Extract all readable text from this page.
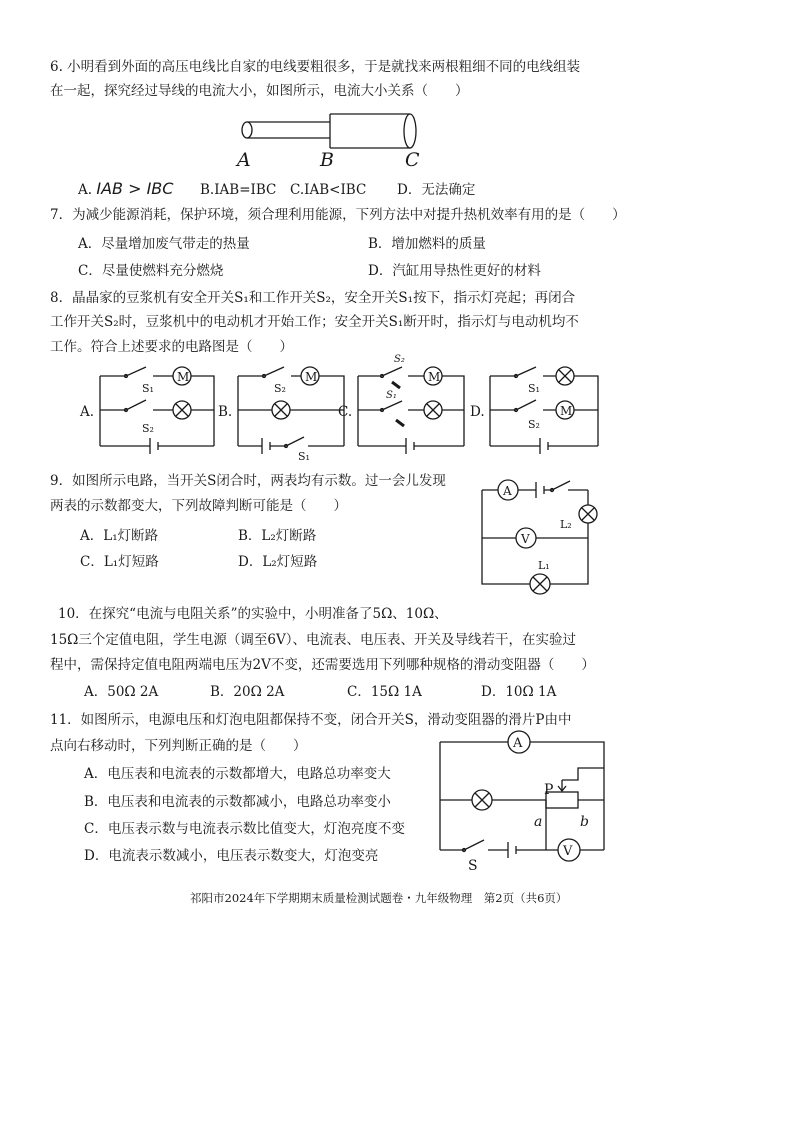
6. 小明看到外面的高压电线比自家的电线要粗很多，于是就找来两根粗细不同的电线组装
在一起，探究经过导线的电流大小，如图所示，电流大小关系（　　）
A	B	C
A. IAB > IBC B.IAB=IBC C.IAB<IBC D．无法确定
7．为减少能源消耗，保护环境，须合理利用能源，下列方法中对提升热机效率有用的是（　　）
A．尽量增加废气带走的热量	B．增加燃料的质量
C．尽量使燃料充分燃烧	D．汽缸用导热性更好的材料
8．晶晶家的豆浆机有安全开关S₁和工作开关S₂，安全开关S₁按下，指示灯亮起；再闭合
工作开关S₂时，豆浆机中的电动机才开始工作；安全开关S₁断开时，指示灯与电动机均不
工作。符合上述要求的电路图是（　　）
A.
M
S₁
S₂
B.
M
S₂
S₁
C.
M
S₂
S₁
D.
S₁
M
S₂
9．如图所示电路，当开关S闭合时，两表均有示数。过一会儿发现
两表的示数都变大，下列故障判断可能是（　　）
A．L₁灯断路	B．L₂灯断路
C．L₁灯短路	D．L₂灯短路
A
L₂
V
L₁
10．在探究“电流与电阻关系”的实验中，小明准备了5Ω、10Ω、
15Ω三个定值电阻，学生电源（调至6V）、电流表、电压表、开关及导线若干，在实验过
程中，需保持定值电阻两端电压为2V不变，还需要选用下列哪种规格的滑动变阻器（　　）
A．50Ω 2A	B．20Ω 2A	C．15Ω 1A	D．10Ω 1A
11．如图所示，电源电压和灯泡电阻都保持不变，闭合开关S，滑动变阻器的滑片P由中
点向右移动时，下列判断正确的是（　　）
A．电压表和电流表的示数都增大，电路总功率变大
B．电压表和电流表的示数都减小，电路总功率变小
C．电压表示数与电流表示数比值变大，灯泡亮度不变
D．电流表示数减小，电压表示数变大，灯泡变亮
A
P
a	b
S
V
祁阳市2024年下学期期末质量检测试题卷・九年级物理　第2页（共6页）
